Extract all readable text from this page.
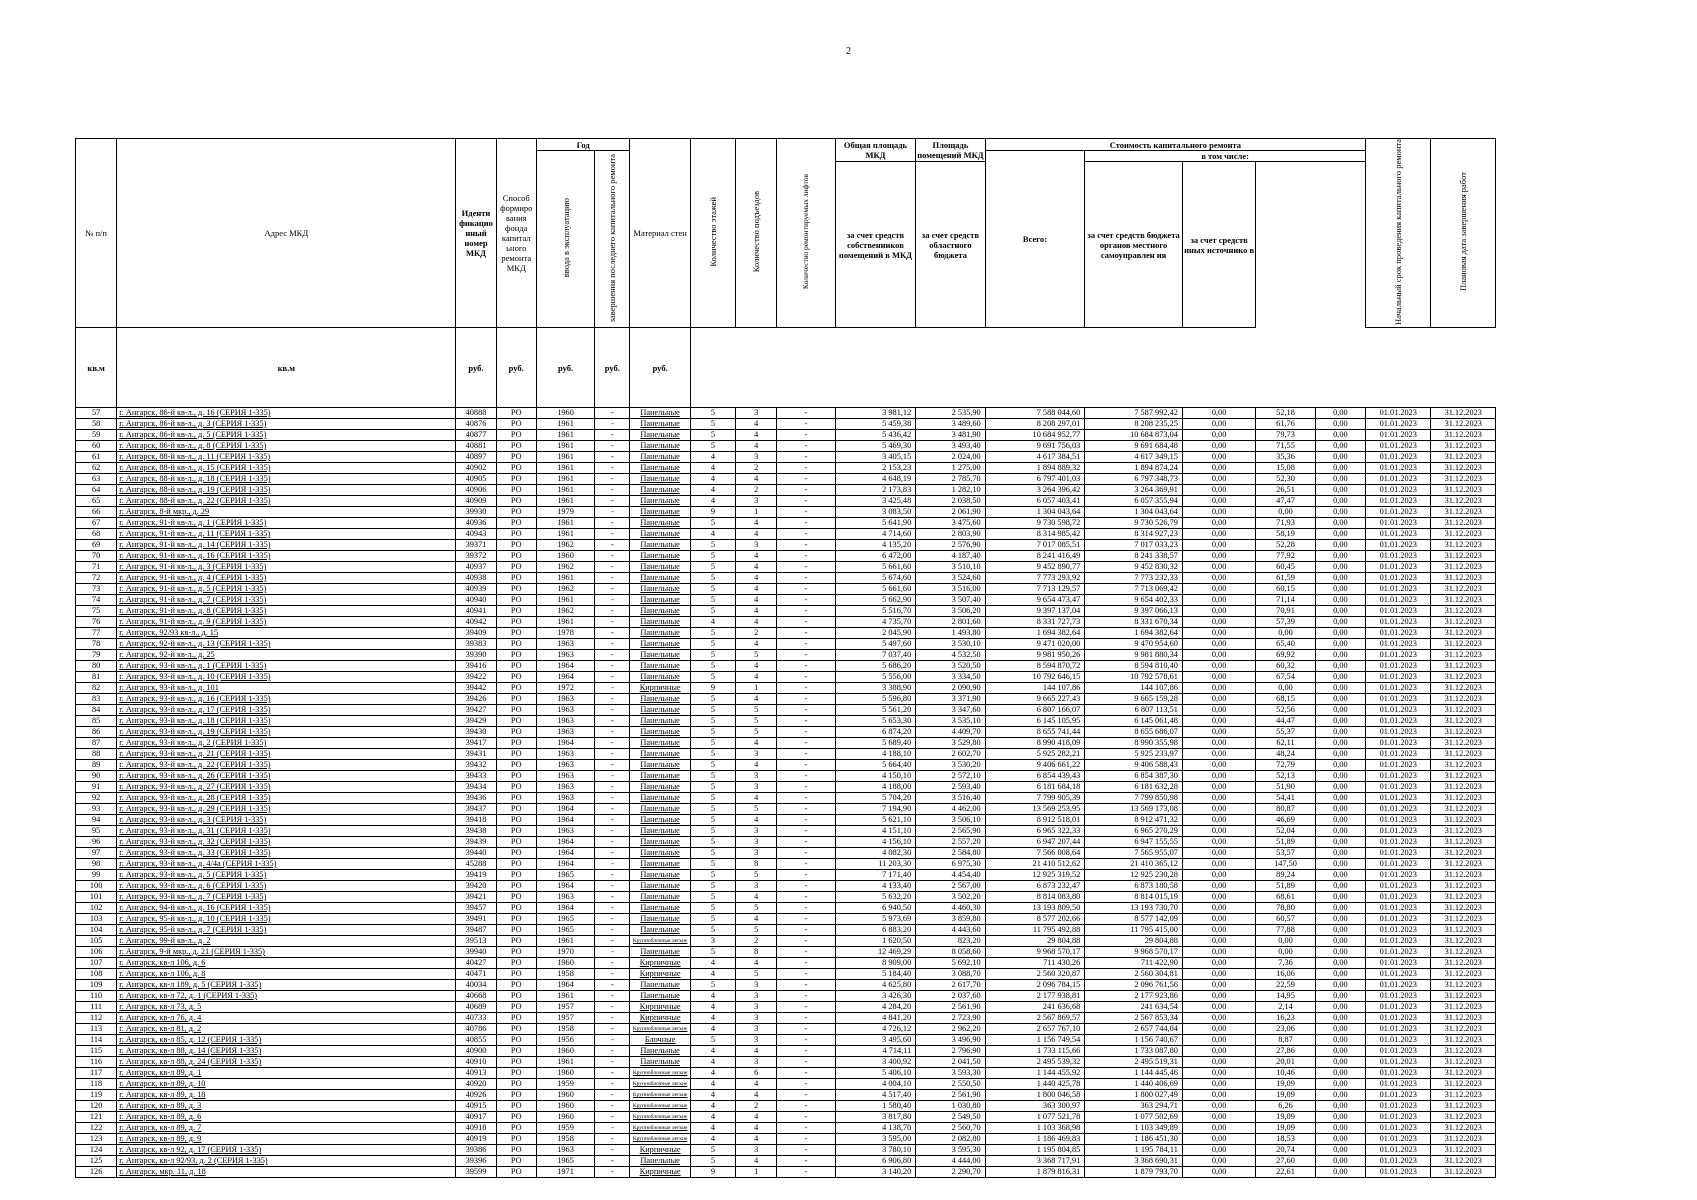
2
№ п/п	Адрес МКД	Иденти фикацио нный номер МКД	Способ формиро вания фонда капитал ьного ремонта МКД	Год		Материал стен	Количество этажей	Количество подъездов	Количество ремонтируемых лифтов	Общая площадь МКД	Площадь помещений МКД	Стоимость капитального ремонта					Начальный срок проведения капитального ремонта	Плановая дата завершения работ
				ввода в эксплуатацию	завершения последнего капитального ремонта							Всего:	в том числе:					
										за счет средств собственников помещений в МКД	за счет средств областного бюджета		за счет средств бюджета органов местного самоуправлен ия	за счет средств иных источнико в				
кв.м	кв.м	руб.	руб.	руб.	руб.	руб.												
57	г. Ангарск, 86-й кв-л., д. 16 (СЕРИЯ 1-335)	40888	РО	1960	-	Панельные	5	3	-	3 981,12	2 535,90	7 588 044,60	7 587 992,42	0,00	52,18	0,00	01.01.2023	31.12.2023
58	г. Ангарск, 86-й кв-л., д. 3 (СЕРИЯ 1-335)	40876	РО	1961	-	Панельные	5	4	-	5 459,38	3 489,60	8 208 297,01	8 208 235,25	0,00	61,76	0,00	01.01.2023	31.12.2023
59	г. Ангарск, 86-й кв-л., д. 5 (СЕРИЯ 1-335)	40877	РО	1961	-	Панельные	5	4	-	5 436,42	3 481,90	10 684 952,77	10 684 873,04	0,00	79,73	0,00	01.01.2023	31.12.2023
60	г. Ангарск, 86-й кв-л., д. 8 (СЕРИЯ 1-335)	40881	РО	1961	-	Панельные	5	4	-	5 469,30	3 493,40	9 691 756,03	9 691 684,48	0,00	71,55	0,00	01.01.2023	31.12.2023
61	г. Ангарск, 88-й кв-л., д. 11 (СЕРИЯ 1-335)	40897	РО	1961	-	Панельные	4	3	-	3 405,15	2 024,00	4 617 384,51	4 617 349,15	0,00	35,36	0,00	01.01.2023	31.12.2023
62	г. Ангарск, 88-й кв-л., д. 15 (СЕРИЯ 1-335)	40902	РО	1961	-	Панельные	4	2	-	2 153,23	1 275,00	1 894 889,32	1 894 874,24	0,00	15,08	0,00	01.01.2023	31.12.2023
63	г. Ангарск, 88-й кв-л., д. 18 (СЕРИЯ 1-335)	40905	РО	1961	-	Панельные	4	4	-	4 648,19	2 785,70	6 797 401,03	6 797 348,73	0,00	52,30	0,00	01.01.2023	31.12.2023
64	г. Ангарск, 88-й кв-л., д. 19 (СЕРИЯ 1-335)	40906	РО	1961	-	Панельные	4	2	-	2 173,83	1 282,10	3 264 396,42	3 264 369,91	0,00	26,51	0,00	01.01.2023	31.12.2023
65	г. Ангарск, 88-й кв-л., д. 22 (СЕРИЯ 1-335)	40909	РО	1961	-	Панельные	4	3	-	3 425,48	2 038,50	6 057 403,41	6 057 355,94	0,00	47,47	0,00	01.01.2023	31.12.2023
66	г. Ангарск, 8-й мкр., д. 29	39930	РО	1979	-	Панельные	9	1	-	3 083,50	2 061,90	1 304 043,64	1 304 043,64	0,00	0,00	0,00	01.01.2023	31.12.2023
67	г. Ангарск, 91-й кв-л., д. 1 (СЕРИЯ 1-335)	40936	РО	1961	-	Панельные	5	4	-	5 641,90	3 475,60	9 730 598,72	9 730 526,79	0,00	71,93	0,00	01.01.2023	31.12.2023
68	г. Ангарск, 91-й кв-л., д. 11 (СЕРИЯ 1-335)	40943	РО	1961	-	Панельные	4	4	-	4 714,60	2 803,90	8 314 985,42	8 314 927,23	0,00	58,19	0,00	01.01.2023	31.12.2023
69	г. Ангарск, 91-й кв-л., д. 14 (СЕРИЯ 1-335)	39371	РО	1962	-	Панельные	5	3	-	4 135,20	2 576,90	7 017 085,51	7 017 033,23	0,00	52,28	0,00	01.01.2023	31.12.2023
70	г. Ангарск, 91-й кв-л., д. 16 (СЕРИЯ 1-335)	39372	РО	1960	-	Панельные	5	4	-	6 472,00	4 187,40	8 241 416,49	8 241 338,57	0,00	77,92	0,00	01.01.2023	31.12.2023
71	г. Ангарск, 91-й кв-л., д. 3 (СЕРИЯ 1-335)	40937	РО	1962	-	Панельные	5	4	-	5 661,60	3 510,10	9 452 890,77	9 452 830,32	0,00	60,45	0,00	01.01.2023	31.12.2023
72	г. Ангарск, 91-й кв-л., д. 4 (СЕРИЯ 1-335)	40938	РО	1961	-	Панельные	5	4	-	5 674,60	3 524,60	7 773 293,92	7 773 232,33	0,00	61,59	0,00	01.01.2023	31.12.2023
73	г. Ангарск, 91-й кв-л., д. 5 (СЕРИЯ 1-335)	40939	РО	1962	-	Панельные	5	4	-	5 661,60	3 516,00	7 713 129,57	7 713 069,42	0,00	60,15	0,00	01.01.2023	31.12.2023
74	г. Ангарск, 91-й кв-л., д. 7 (СЕРИЯ 1-335)	40940	РО	1961	-	Панельные	5	4	-	5 662,90	3 507,40	9 654 473,47	9 654 402,33	0,00	71,14	0,00	01.01.2023	31.12.2023
75	г. Ангарск, 91-й кв-л., д. 8 (СЕРИЯ 1-335)	40941	РО	1962	-	Панельные	5	4	-	5 516,70	3 506,20	9 397 137,04	9 397 066,13	0,00	70,91	0,00	01.01.2023	31.12.2023
76	г. Ангарск, 91-й кв-л., д. 9 (СЕРИЯ 1-335)	40942	РО	1961	-	Панельные	4	4	-	4 735,70	2 801,60	8 331 727,73	8 331 670,34	0,00	57,39	0,00	01.01.2023	31.12.2023
77	г. Ангарск, 92/93 кв-л., д. 15	39409	РО	1978	-	Панельные	5	2	-	2 045,90	1 493,80	1 694 382,64	1 694 382,64	0,00	0,00	0,00	01.01.2023	31.12.2023
78	г. Ангарск, 92-й кв-л., д. 13 (СЕРИЯ 1-335)	39383	РО	1963	-	Панельные	5	4	-	5 497,60	3 530,10	9 471 020,00	9 470 954,60	0,00	65,40	0,00	01.01.2023	31.12.2023
79	г. Ангарск, 92-й кв-л., д. 25	39390	РО	1963	-	Панельные	5	5	-	7 037,40	4 532,50	9 981 950,26	9 981 880,34	0,00	69,92	0,00	01.01.2023	31.12.2023
80	г. Ангарск, 93-й кв-л., д. 1 (СЕРИЯ 1-335)	39416	РО	1964	-	Панельные	5	4	-	5 686,20	3 520,50	8 594 870,72	8 594 810,40	0,00	60,32	0,00	01.01.2023	31.12.2023
81	г. Ангарск, 93-й кв-л., д. 10 (СЕРИЯ 1-335)	39422	РО	1964	-	Панельные	5	4	-	5 556,00	3 334,50	10 792 646,15	10 792 578,61	0,00	67,54	0,00	01.01.2023	31.12.2023
82	г. Ангарск, 93-й кв-л., д. 101	39442	РО	1972	-	Кирпичные	9	1	-	3 388,90	2 090,90	144 107,86	144 107,86	0,00	0,00	0,00	01.01.2023	31.12.2023
83	г. Ангарск, 93-й кв-л., д. 16 (СЕРИЯ 1-335)	39426	РО	1963	-	Панельные	5	4	-	5 596,80	3 371,90	9 665 227,43	9 665 159,28	0,00	68,15	0,00	01.01.2023	31.12.2023
84	г. Ангарск, 93-й кв-л., д. 17 (СЕРИЯ 1-335)	39427	РО	1963	-	Панельные	5	5	-	5 561,20	3 347,60	6 807 166,07	6 807 113,51	0,00	52,56	0,00	01.01.2023	31.12.2023
85	г. Ангарск, 93-й кв-л., д. 18 (СЕРИЯ 1-335)	39429	РО	1963	-	Панельные	5	5	-	5 653,30	3 535,10	6 145 105,95	6 145 061,48	0,00	44,47	0,00	01.01.2023	31.12.2023
86	г. Ангарск, 93-й кв-л., д. 19 (СЕРИЯ 1-335)	39430	РО	1963	-	Панельные	5	5	-	6 874,20	4 409,70	8 655 741,44	8 655 686,07	0,00	55,37	0,00	01.01.2023	31.12.2023
87	г. Ангарск, 93-й кв-л., д. 2 (СЕРИЯ 1-335)	39417	РО	1964	-	Панельные	5	4	-	5 689,40	3 529,80	8 990 418,09	8 990 355,98	0,00	62,11	0,00	01.01.2023	31.12.2023
88	г. Ангарск, 93-й кв-л., д. 21 (СЕРИЯ 1-335)	39431	РО	1963	-	Панельные	5	3	-	4 188,10	2 602,70	5 925 282,21	5 925 233,97	0,00	48,24	0,00	01.01.2023	31.12.2023
89	г. Ангарск, 93-й кв-л., д. 22 (СЕРИЯ 1-335)	39432	РО	1963	-	Панельные	5	4	-	5 664,40	3 530,20	9 406 661,22	9 406 588,43	0,00	72,79	0,00	01.01.2023	31.12.2023
90	г. Ангарск, 93-й кв-л., д. 26 (СЕРИЯ 1-335)	39433	РО	1963	-	Панельные	5	3	-	4 150,10	2 572,10	6 854 439,43	6 854 387,30	0,00	52,13	0,00	01.01.2023	31.12.2023
91	г. Ангарск, 93-й кв-л., д. 27 (СЕРИЯ 1-335)	39434	РО	1963	-	Панельные	5	3	-	4 188,00	2 593,40	6 181 684,18	6 181 632,28	0,00	51,90	0,00	01.01.2023	31.12.2023
92	г. Ангарск, 93-й кв-л., д. 28 (СЕРИЯ 1-335)	39436	РО	1963	-	Панельные	5	4	-	5 704,20	3 516,40	7 799 905,39	7 799 850,98	0,00	54,41	0,00	01.01.2023	31.12.2023
93	г. Ангарск, 93-й кв-л., д. 29 (СЕРИЯ 1-335)	39437	РО	1964	-	Панельные	5	5	-	7 194,90	4 462,00	13 569 253,95	13 569 173,08	0,00	80,87	0,00	01.01.2023	31.12.2023
94	г. Ангарск, 93-й кв-л., д. 3 (СЕРИЯ 1-335)	39418	РО	1964	-	Панельные	5	4	-	5 621,10	3 506,10	8 912 518,01	8 912 471,32	0,00	46,69	0,00	01.01.2023	31.12.2023
95	г. Ангарск, 93-й кв-л., д. 31 (СЕРИЯ 1-335)	39438	РО	1963	-	Панельные	5	3	-	4 151,10	2 565,90	6 965 322,33	6 965 270,29	0,00	52,04	0,00	01.01.2023	31.12.2023
96	г. Ангарск, 93-й кв-л., д. 32 (СЕРИЯ 1-335)	39439	РО	1964	-	Панельные	5	3	-	4 156,10	2 557,20	6 947 207,44	6 947 155,55	0,00	51,89	0,00	01.01.2023	31.12.2023
97	г. Ангарск, 93-й кв-л., д. 33 (СЕРИЯ 1-335)	39440	РО	1964	-	Панельные	5	3	-	4 082,30	2 584,80	7 566 008,64	7 565 955,07	0,00	53,57	0,00	01.01.2023	31.12.2023
98	г. Ангарск, 93-й кв-л., д. 4/4а (СЕРИЯ 1-335)	45288	РО	1964	-	Панельные	5	8	-	11 203,30	6 975,30	21 410 512,62	21 410 365,12	0,00	147,50	0,00	01.01.2023	31.12.2023
99	г. Ангарск, 93-й кв-л., д. 5 (СЕРИЯ 1-335)	39419	РО	1965	-	Панельные	5	5	-	7 171,40	4 454,40	12 925 319,52	12 925 230,28	0,00	89,24	0,00	01.01.2023	31.12.2023
100	г. Ангарск, 93-й кв-л., д. 6 (СЕРИЯ 1-335)	39420	РО	1964	-	Панельные	5	3	-	4 133,40	2 567,00	6 873 232,47	6 873 180,58	0,00	51,89	0,00	01.01.2023	31.12.2023
101	г. Ангарск, 93-й кв-л., д. 7 (СЕРИЯ 1-335)	39421	РО	1963	-	Панельные	5	4	-	5 632,20	3 502,20	8 814 083,80	8 814 015,19	0,00	68,61	0,00	01.01.2023	31.12.2023
102	г. Ангарск, 94-й кв-л., д. 16 (СЕРИЯ 1-335)	39457	РО	1964	-	Панельные	5	5	-	6 940,50	4 460,30	13 193 809,50	13 193 730,70	0,00	78,80	0,00	01.01.2023	31.12.2023
103	г. Ангарск, 95-й кв-л., д. 10 (СЕРИЯ 1-335)	39491	РО	1965	-	Панельные	5	4	-	5 973,69	3 859,80	8 577 202,66	8 577 142,09	0,00	60,57	0,00	01.01.2023	31.12.2023
104	г. Ангарск, 95-й кв-л., д. 7 (СЕРИЯ 1-335)	39487	РО	1965	-	Панельные	5	5	-	6 883,20	4 443,60	11 795 492,88	11 795 415,00	0,00	77,88	0,00	01.01.2023	31.12.2023
105	г. Ангарск, 99-й кв-л., д. 2	39513	РО	1961	-	Крупноблочные легкие	3	2	-	1 620,50	823,20	29 804,88	29 804,88	0,00	0,00	0,00	01.01.2023	31.12.2023
106	г. Ангарск, 9-й мкр., д. 21 (СЕРИЯ 1-335)	39940	РО	1970	-	Панельные	5	8	-	12 469,29	8 058,60	9 968 570,17	9 968 570,17	0,00	0,00	0,00	01.01.2023	31.12.2023
107	г. Ангарск, кв-л 106, д. 6	40427	РО	1960	-	Кирпичные	4	4	-	8 909,00	5 692,10	711 430,26	711 422,90	0,00	7,36	0,00	01.01.2023	31.12.2023
108	г. Ангарск, кв-л 106, д. 8	40471	РО	1958	-	Кирпичные	4	5	-	5 184,40	3 088,70	2 560 320,87	2 560 304,81	0,00	16,06	0,00	01.01.2023	31.12.2023
109	г. Ангарск, кв-л 189, д. 5 (СЕРИЯ 1-335)	40034	РО	1964	-	Панельные	5	3	-	4 625,80	2 617,70	2 096 784,15	2 096 761,56	0,00	22,59	0,00	01.01.2023	31.12.2023
110	г. Ангарск, кв-л 72, д. 1 (СЕРИЯ 1-335)	40668	РО	1961	-	Панельные	4	3	-	3 426,30	2 037,60	2 177 938,81	2 177 923,86	0,00	14,95	0,00	01.01.2023	31.12.2023
111	г. Ангарск, кв-л 73, д. 5	40689	РО	1957	-	Кирпичные	4	3	-	4 284,20	2 561,90	241 636,68	241 634,54	0,00	2,14	0,00	01.01.2023	31.12.2023
112	г. Ангарск, кв-л 76, д. 4	40733	РО	1957	-	Кирпичные	4	3	-	4 841,20	2 723,90	2 567 869,57	2 567 853,34	0,00	16,23	0,00	01.01.2023	31.12.2023
113	г. Ангарск, кв-л 81, д. 2	40786	РО	1958	-	Крупноблочные легкие	4	3	-	4 726,12	2 962,20	2 657 767,10	2 657 744,04	0,00	23,06	0,00	01.01.2023	31.12.2023
114	г. Ангарск, кв-л 85, д. 12 (СЕРИЯ 1-335)	40855	РО	1956	-	Блочные	5	3	-	3 495,60	3 496,90	1 156 749,54	1 156 740,67	0,00	8,87	0,00	01.01.2023	31.12.2023
115	г. Ангарск, кв-л 88, д. 14 (СЕРИЯ 1-335)	40900	РО	1960	-	Панельные	4	4	-	4 714,11	2 796,90	1 733 115,66	1 733 087,80	0,00	27,86	0,00	01.01.2023	31.12.2023
116	г. Ангарск, кв-л 88, д. 24 (СЕРИЯ 1-335)	40910	РО	1961	-	Панельные	4	3	-	3 400,92	2 041,50	2 495 539,32	2 495 519,31	0,00	20,01	0,00	01.01.2023	31.12.2023
117	г. Ангарск, кв-л 89, д. 1	40913	РО	1960	-	Крупноблочные легкие	4	6	-	5 406,10	3 593,30	1 144 455,92	1 144 445,46	0,00	10,46	0,00	01.01.2023	31.12.2023
118	г. Ангарск, кв-л 89, д. 10	40920	РО	1959	-	Крупноблочные легкие	4	4	-	4 004,10	2 550,50	1 440 425,78	1 440 406,69	0,00	19,09	0,00	01.01.2023	31.12.2023
119	г. Ангарск, кв-л 89, д. 18	40926	РО	1960	-	Крупноблочные легкие	4	4	-	4 517,40	2 561,90	1 800 046,58	1 800 027,49	0,00	19,09	0,00	01.01.2023	31.12.2023
120	г. Ангарск, кв-л 89, д. 3	40915	РО	1960	-	Крупноблочные легкие	4	2	-	1 580,40	1 030,80	363 300,97	363 294,71	0,00	6,26	0,00	01.01.2023	31.12.2023
121	г. Ангарск, кв-л 89, д. 6	40917	РО	1960	-	Крупноблочные легкие	4	4	-	3 817,80	2 549,50	1 077 521,78	1 077 502,69	0,00	19,09	0,00	01.01.2023	31.12.2023
122	г. Ангарск, кв-л 89, д. 7	40918	РО	1959	-	Крупноблочные легкие	4	4	-	4 138,70	2 560,70	1 103 368,98	1 103 349,89	0,00	19,09	0,00	01.01.2023	31.12.2023
123	г. Ангарск, кв-л 89, д. 9	40919	РО	1958	-	Крупноблочные легкие	4	4	-	3 595,00	2 082,80	1 186 469,83	1 186 451,30	0,00	18,53	0,00	01.01.2023	31.12.2023
124	г. Ангарск, кв-л 92, д. 17 (СЕРИЯ 1-335)	39386	РО	1963	-	Кирпичные	5	3	-	3 780,10	3 595,30	1 195 804,85	1 195 784,11	0,00	20,74	0,00	01.01.2023	31.12.2023
125	г. Ангарск, кв-л 92/93, д. 2 (СЕРИЯ 1-335)	39396	РО	1965	-	Панельные	5	4	-	6 906,80	4 444,00	3 368 717,91	3 368 690,31	0,00	27,60	0,00	01.01.2023	31.12.2023
126	г. Ангарск, мкр. 11, д. 18	39599	РО	1971	-	Кирпичные	9	1	-	3 140,20	2 290,70	1 879 816,31	1 879 793,70	0,00	22,61	0,00	01.01.2023	31.12.2023
